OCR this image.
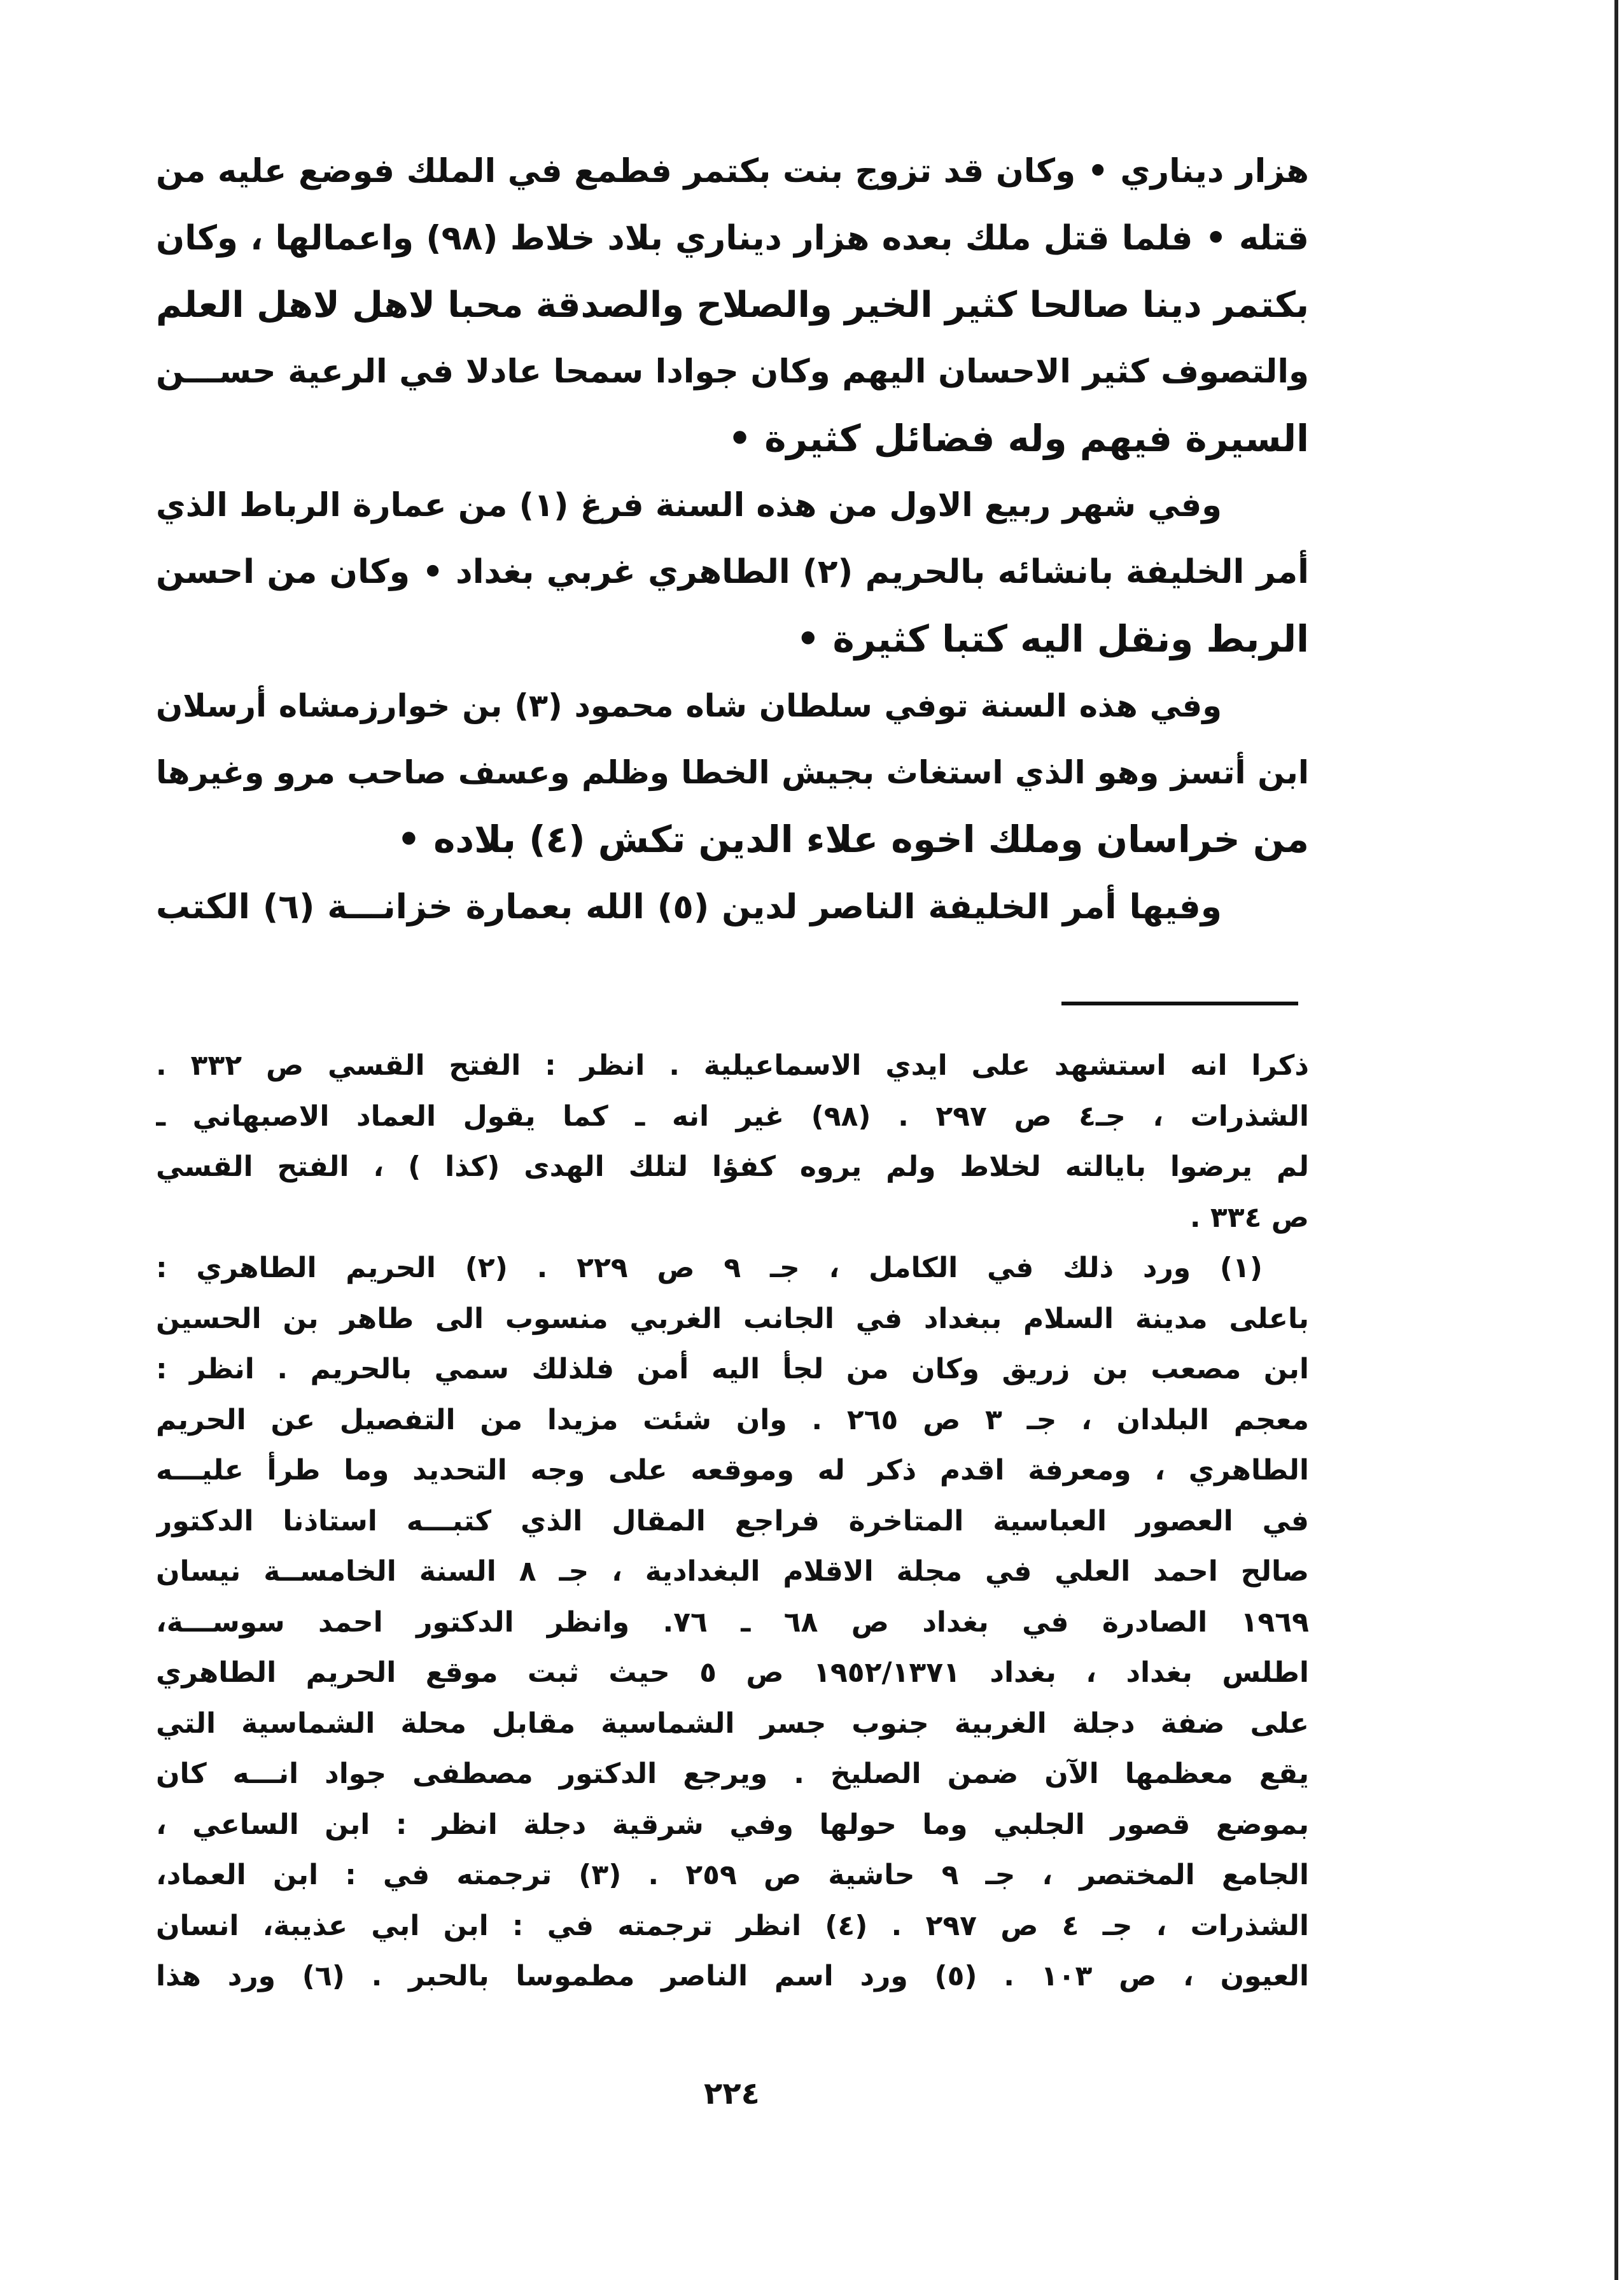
هزار ديناري • وكان قد تزوج بنت بكتمر فطمع في الملك فوضع عليه من
قتله • فلما قتل ملك بعده هزار ديناري بلاد خلاط (٩٨) واعمالها ، وكان
بكتمر دينا صالحا كثير الخير والصلاح والصدقة محبا لاهل لاهل العلم
والتصوف كثير الاحسان اليهم وكان جوادا سمحا عادلا في الرعية حســـن
السيرة فيهم وله فضائل كثيرة •
وفي شهر ربيع الاول من هذه السنة فرغ (١) من عمارة الرباط الذي
أمر الخليفة بانشائه بالحريم (٢) الطاهري غربي بغداد • وكان من احسن
الربط ونقل اليه كتبا كثيرة •
وفي هذه السنة توفي سلطان شاه محمود (٣) بن خوارزمشاه أرسلان
ابن أتسز وهو الذي استغاث بجيش الخطا وظلم وعسف صاحب مرو وغيرها
من خراسان وملك اخوه علاء الدين تكش (٤) بلاده •
وفيها أمر الخليفة الناصر لدين (٥) الله بعمارة خزانـــة (٦) الكتب
ذكرا انه استشهد على ايدي الاسماعيلية . انظر : الفتح القسي ص ٣٣٢ .
الشذرات ، جـ٤ ص ٢٩٧ . (٩٨) غير انه ـ كما يقول العماد الاصبهاني ـ
لم يرضوا بايالته لخلاط ولم يروه كفؤا لتلك الهدى (كذا ) ، الفتح القسي
ص ٣٣٤ .
(١) ورد ذلك في الكامل ، جـ ٩ ص ٢٢٩ . (٢) الحريم الطاهري :
باعلى مدينة السلام ببغداد في الجانب الغربي منسوب الى طاهر بن الحسين
ابن مصعب بن زريق وكان من لجأ اليه أمن فلذلك سمي بالحريم . انظر :
معجم البلدان ، جـ ٣ ص ٢٦٥ . وان شئت مزيدا من التفصيل عن الحريم
الطاهري ، ومعرفة اقدم ذكر له وموقعه على وجه التحديد وما طرأ عليـــه
في العصور العباسية المتاخرة فراجع المقال الذي كتبـــه استاذنا الدكتور
صالح احمد العلي في مجلة الاقلام البغدادية ، جـ ٨ السنة الخامســة نيسان
١٩٦٩ الصادرة في بغداد ص ٦٨ ـ ٧٦. وانظر الدكتور احمد سوســـة،
اطلس بغداد ، بغداد ١٩٥٢/١٣٧١ ص ٥ حيث ثبت موقع الحريم الطاهري
على ضفة دجلة الغربية جنوب جسر الشماسية مقابل محلة الشماسية التي
يقع معظمها الآن ضمن الصليخ . ويرجع الدكتور مصطفى جواد انـــه كان
بموضع قصور الجلبي وما حولها وفي شرقية دجلة انظر : ابن الساعي ،
الجامع المختصر ، جـ ٩ حاشية ص ٢٥٩ . (٣) ترجمته في : ابن العماد،
الشذرات ، جـ ٤ ص ٢٩٧ . (٤) انظر ترجمته في : ابن ابي عذيبة، انسان
العيون ، ص ١٠٣ . (٥) ورد اسم الناصر مطموسا بالحبر . (٦) ورد هذا
٢٢٤
